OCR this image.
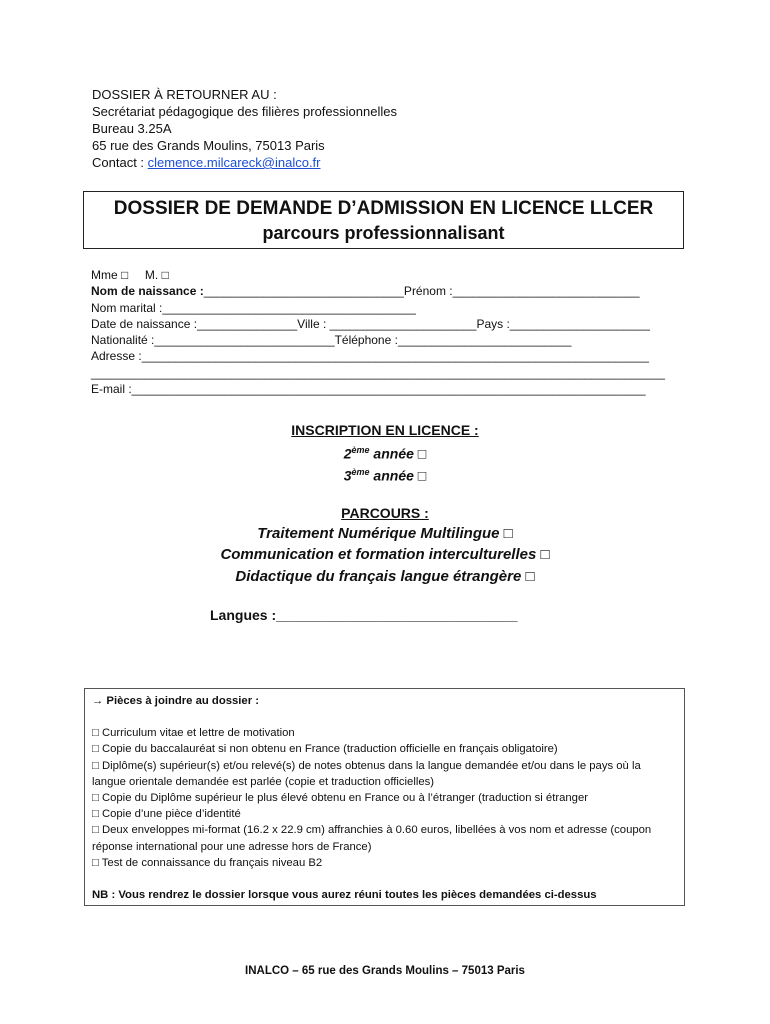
DOSSIER À RETOURNER AU :
Secrétariat pédagogique des filières professionnelles
Bureau 3.25A
65 rue des Grands Moulins, 75013 Paris
Contact : clemence.milcareck@inalco.fr
DOSSIER DE DEMANDE D’ADMISSION EN LICENCE LLCER
parcours professionnalisant
Mme □     M. □
Nom de naissance :______________________________Prénom :____________________________
Nom marital :______________________________________
Date de naissance :_______________Ville : ______________________Pays :_____________________
Nationalité :___________________________Téléphone :__________________________
Adresse :____________________________________________________________________________
______________________________________________________________________________________
E-mail :_____________________________________________________________________________
INSCRIPTION EN LICENCE :
2ème année □
3ème année □
PARCOURS :
Traitement Numérique Multilingue □
Communication et formation interculturelles □
Didactique du français langue étrangère □
Langues :_______________________________
→ Pièces à joindre au dossier :
□ Curriculum vitae et lettre de motivation
□ Copie du baccalauréat si non obtenu en France (traduction officielle en français obligatoire)
□ Diplôme(s) supérieur(s) et/ou relevé(s) de notes obtenus dans la langue demandée et/ou dans le pays où la langue orientale demandée est parlée (copie et traduction officielles)
□ Copie du Diplôme supérieur le plus élevé obtenu en France ou à l’étranger (traduction si étranger
□ Copie d’une pièce d’identité
□ Deux enveloppes mi-format (16.2 x 22.9 cm) affranchies à 0.60 euros, libellées à vos nom et adresse (coupon réponse international pour une adresse hors de France)
□ Test de connaissance du français niveau B2
NB : Vous rendrez le dossier lorsque vous aurez réuni toutes les pièces demandées ci-dessus
INALCO – 65 rue des Grands Moulins – 75013 Paris
